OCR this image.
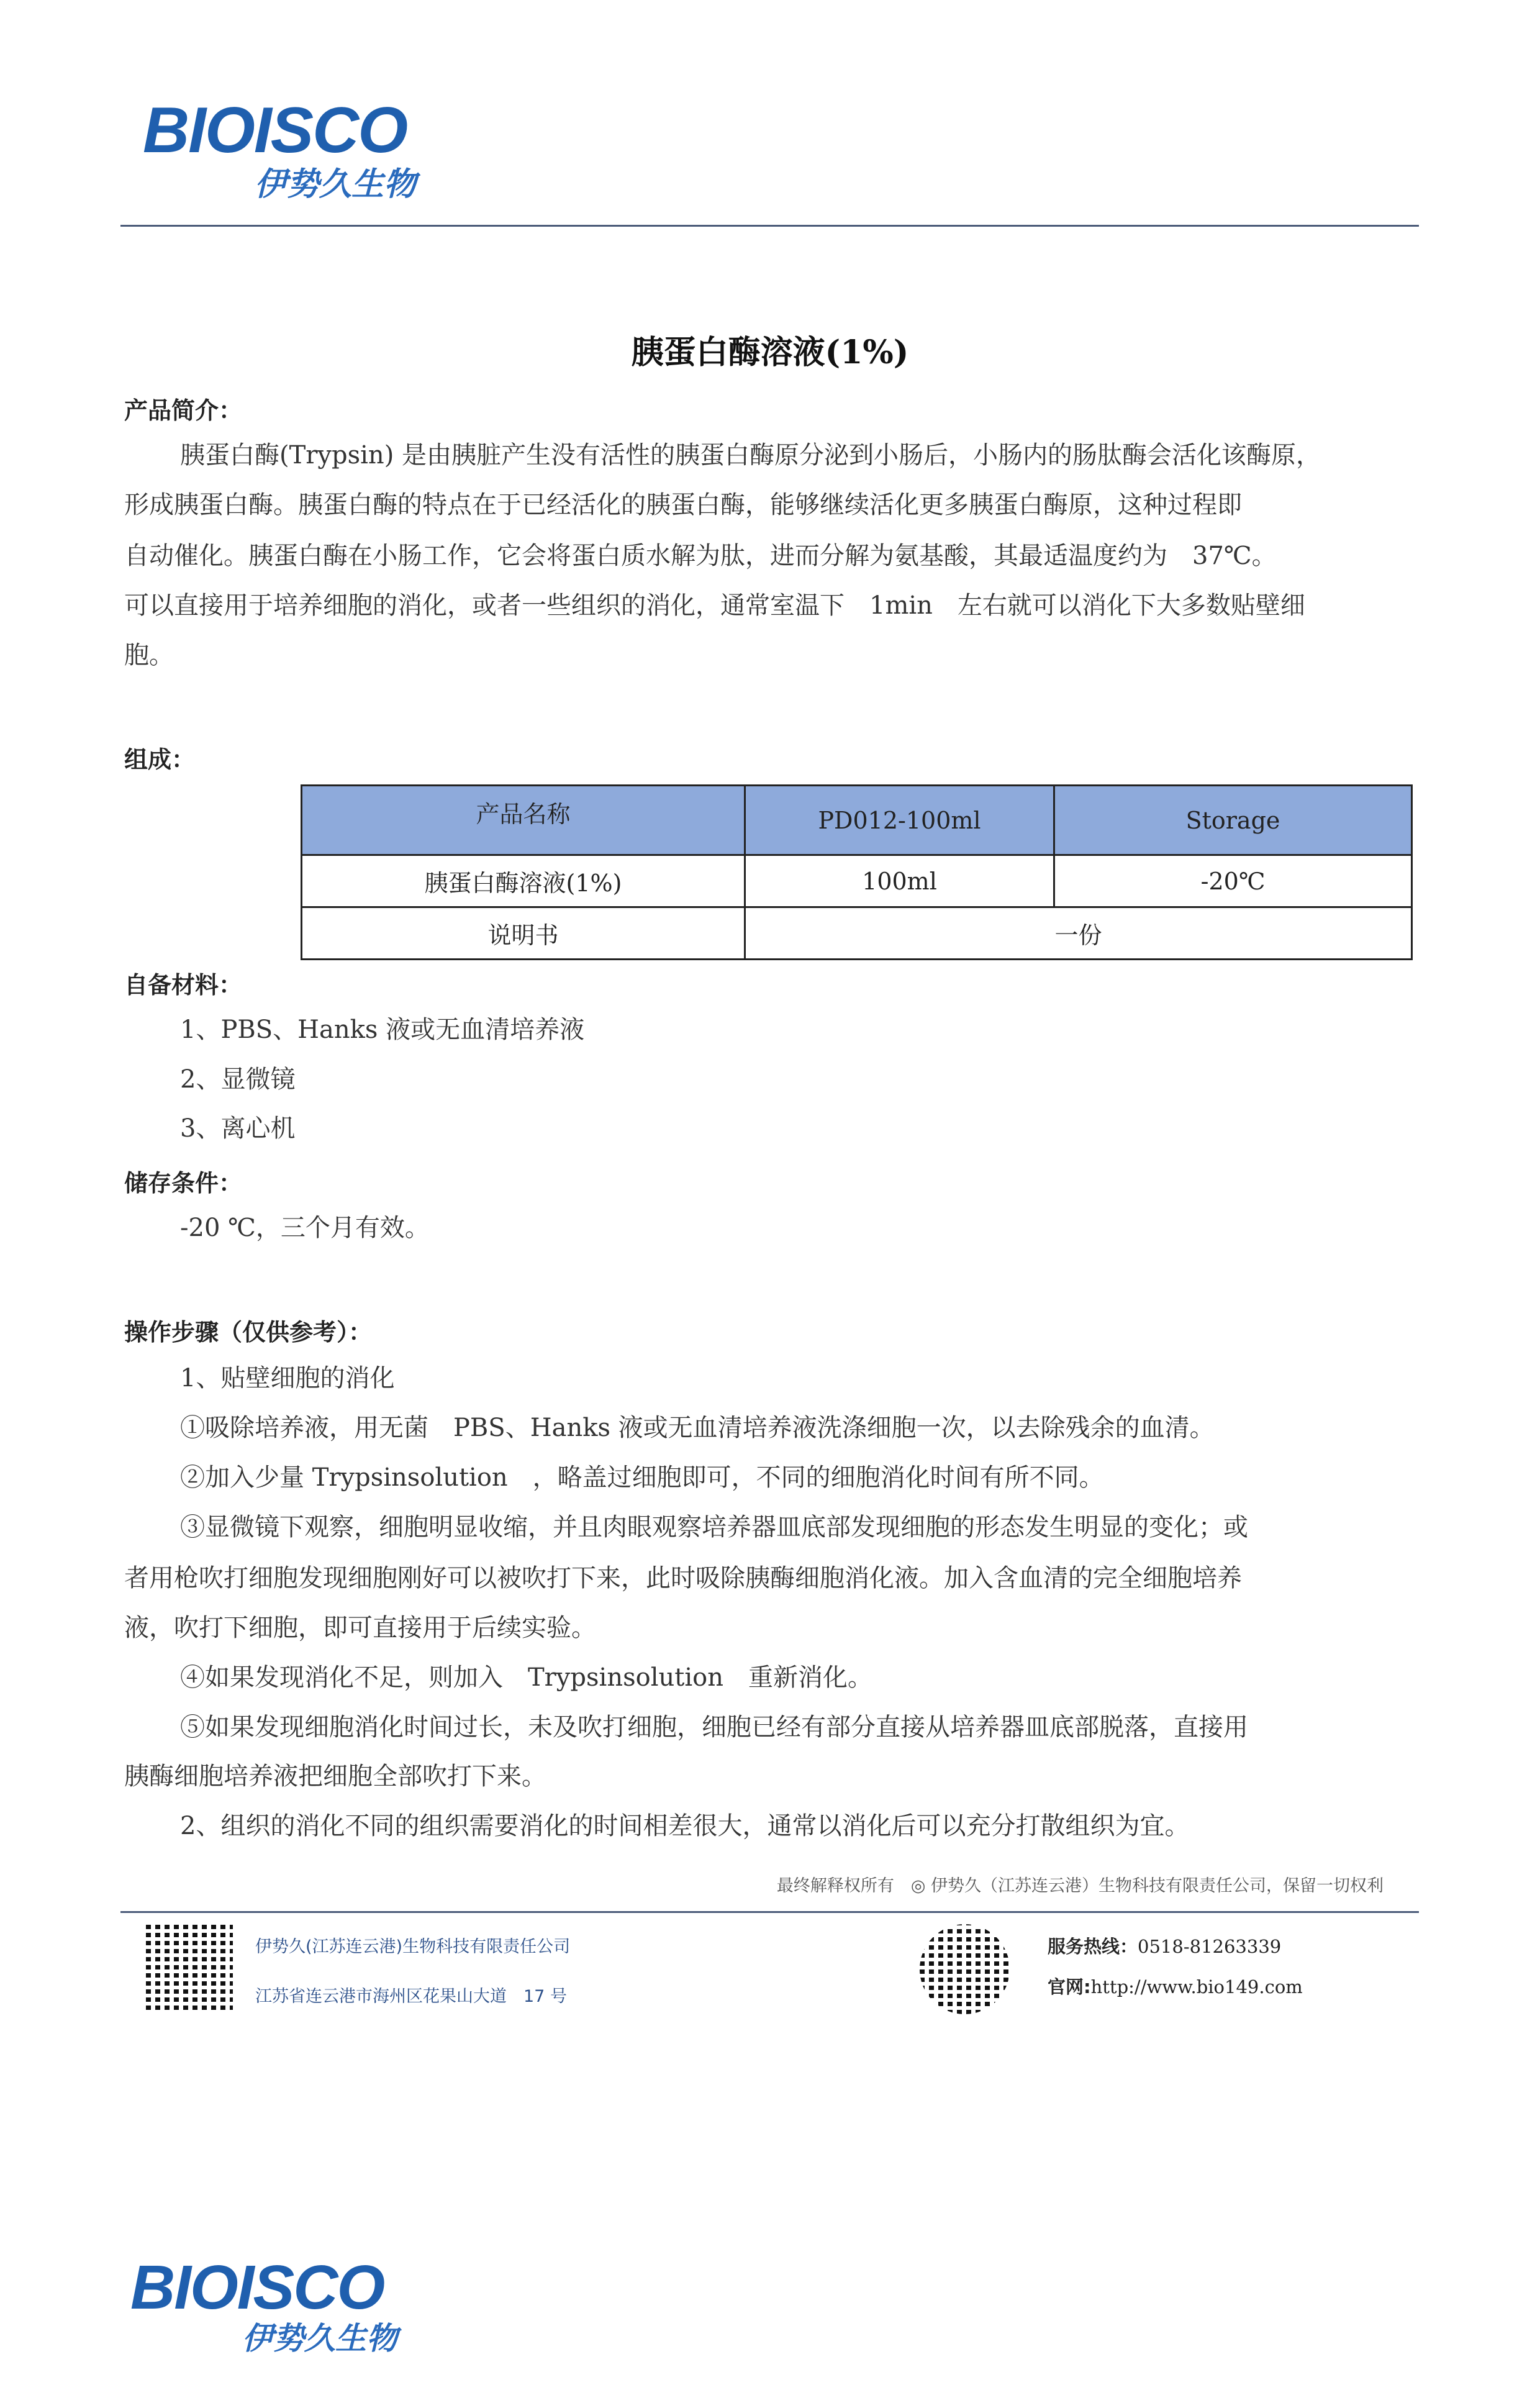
BIOISCO
伊势久生物
胰蛋白酶溶液(1%)
产品简介：
胰蛋白酶(Trypsin) 是由胰脏产生没有活性的胰蛋白酶原分泌到小肠后，小肠内的肠肽酶会活化该酶原，
形成胰蛋白酶。胰蛋白酶的特点在于已经活化的胰蛋白酶，能够继续活化更多胰蛋白酶原，这种过程即
自动催化。胰蛋白酶在小肠工作，它会将蛋白质水解为肽，进而分解为氨基酸，其最适温度约为　37℃。
可以直接用于培养细胞的消化，或者一些组织的消化，通常室温下　1min　左右就可以消化下大多数贴壁细
胞。
组成：
产品名称	PD012-100ml	Storage
胰蛋白酶溶液(1%)	100ml	-20℃
说明书	一份	
自备材料：
1、PBS、Hanks 液或无血清培养液
2、显微镜
3、离心机
储存条件：
-20 ℃，三个月有效。
操作步骤（仅供参考）：
1、贴壁细胞的消化
①吸除培养液，用无菌　PBS、Hanks 液或无血清培养液洗涤细胞一次，以去除残余的血清。
②加入少量 Trypsinsolution　，略盖过细胞即可，不同的细胞消化时间有所不同。
③显微镜下观察，细胞明显收缩，并且肉眼观察培养器皿底部发现细胞的形态发生明显的变化；或
者用枪吹打细胞发现细胞刚好可以被吹打下来，此时吸除胰酶细胞消化液。加入含血清的完全细胞培养
液，吹打下细胞，即可直接用于后续实验。
④如果发现消化不足，则加入　Trypsinsolution　重新消化。
⑤如果发现细胞消化时间过长，未及吹打细胞，细胞已经有部分直接从培养器皿底部脱落，直接用
胰酶细胞培养液把细胞全部吹打下来。
2、组织的消化不同的组织需要消化的时间相差很大，通常以消化后可以充分打散组织为宜。
最终解释权所有　◎ 伊势久（江苏连云港）生物科技有限责任公司，保留一切权利
伊势久(江苏连云港)生物科技有限责任公司
江苏省连云港市海州区花果山大道　17 号
服务热线：0518-81263339
官网:http://www.bio149.com
BIOISCO
伊势久生物
